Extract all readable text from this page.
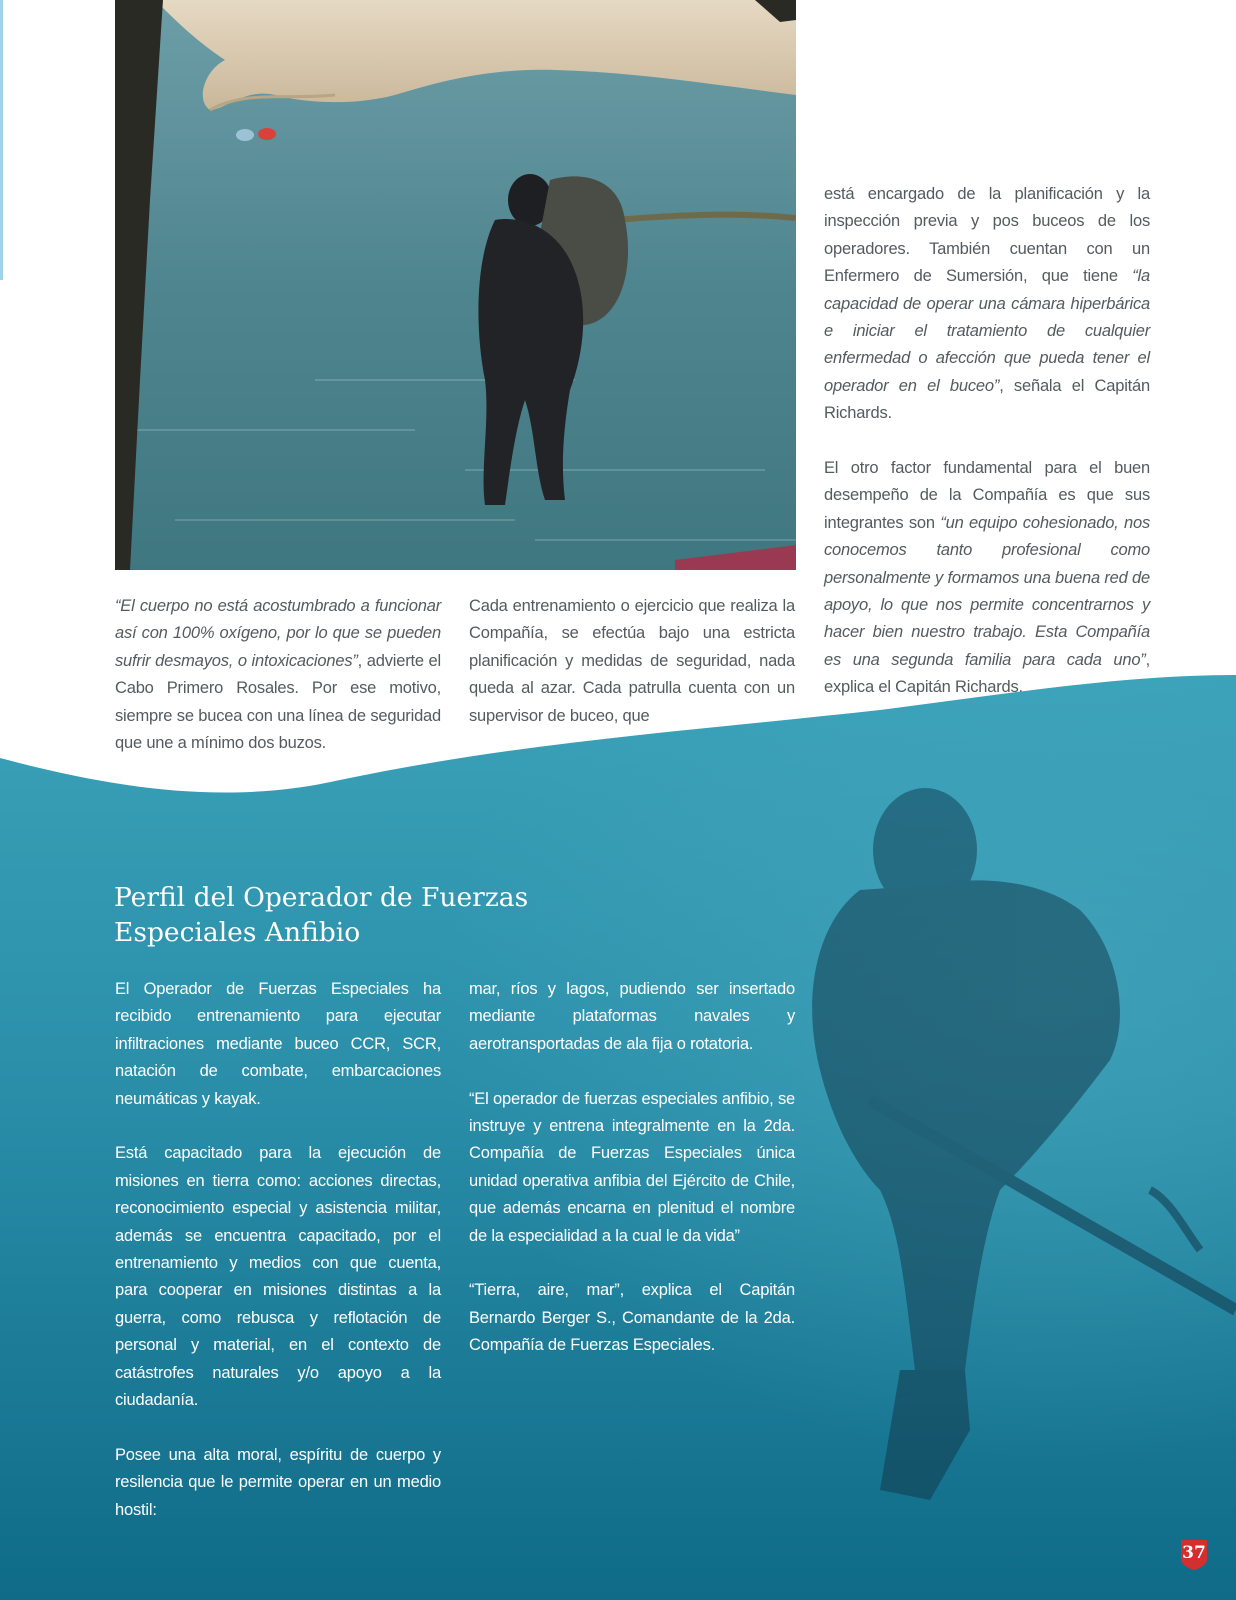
“El cuerpo no está acostumbrado a funcionar así con 100% oxígeno, por lo que se pueden sufrir desmayos, o intoxicaciones”, advierte el Cabo Primero Rosales. Por ese motivo, siempre se bucea con una línea de seguridad que une a mínimo dos buzos.

Cada entrenamiento o ejercicio que realiza la Compañía, se efectúa bajo una estricta planificación y medidas de seguridad, nada queda al azar. Cada patrulla cuenta con un supervisor de buceo, que

está encargado de la planificación y la inspección previa y pos buceos de los operadores. También cuentan con un Enfermero de Sumersión, que tiene “la capacidad de operar una cámara hiperbárica e iniciar el tratamiento de cualquier enfermedad o afección que pueda tener el operador en el buceo”, señala el Capitán Richards.

El otro factor fundamental para el buen desempeño de la Compañía es que sus integrantes son “un equipo cohesionado, nos conocemos tanto profesional como personalmente y formamos una buena red de apoyo, lo que nos permite concentrarnos y hacer bien nuestro trabajo. Esta Compañía es una segunda familia para cada uno”, explica el Capitán Richards.

Perfil del Operador de Fuerzas Especiales Anfibio

El Operador de Fuerzas Especiales ha recibido entrenamiento para ejecutar infiltraciones mediante buceo CCR, SCR, natación de combate, embarcaciones neumáticas y kayak.

Está capacitado para la ejecución de misiones en tierra como: acciones directas, reconocimiento especial y asistencia militar, además se encuentra capacitado, por el entrenamiento y medios con que cuenta, para cooperar en misiones distintas a la guerra, como rebusca y reflotación de personal y material, en el contexto de catástrofes naturales y/o apoyo a la ciudadanía.

Posee una alta moral, espíritu de cuerpo y resilencia que le permite operar en un medio hostil:

mar, ríos y lagos, pudiendo ser insertado mediante plataformas navales y aerotransportadas de ala fija o rotatoria.

“El operador de fuerzas especiales anfibio, se instruye y entrena integralmente en la 2da. Compañía de Fuerzas Especiales única unidad operativa anfibia del Ejército de Chile, que además encarna en plenitud el nombre de la especialidad a la cual le da vida”

“Tierra, aire, mar”, explica el Capitán Bernardo Berger S., Comandante de la 2da. Compañía de Fuerzas Especiales.

37
